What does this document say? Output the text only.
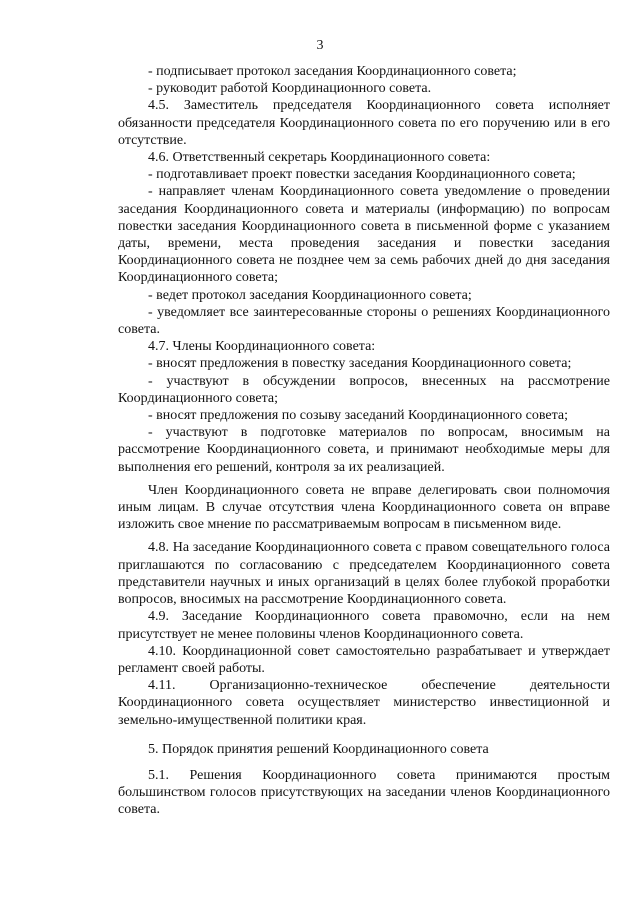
3

- подписывает протокол заседания Координационного совета;

- руководит работой Координационного совета.

4.5. Заместитель председателя Координационного совета исполняет обязанности председателя Координационного совета по его поручению или в его отсутствие.

4.6. Ответственный секретарь Координационного совета:

- подготавливает проект повестки заседания Координационного совета;

- направляет членам Координационного совета уведомление о проведении заседания Координационного совета и материалы (информацию) по вопросам повестки заседания Координационного совета в письменной форме с указанием даты, времени, места проведения заседания и повестки заседания Координационного совета не позднее чем за семь рабочих дней до дня заседания Координационного совета;

- ведет протокол заседания Координационного совета;

- уведомляет все заинтересованные стороны о решениях Координационного совета.

4.7. Члены Координационного совета:

- вносят предложения в повестку заседания Координационного совета;

- участвуют в обсуждении вопросов, внесенных на рассмотрение Координационного совета;

- вносят предложения по созыву заседаний Координационного совета;

- участвуют в подготовке материалов по вопросам, вносимым на рассмотрение Координационного совета, и принимают необходимые меры для выполнения его решений, контроля за их реализацией.

Член Координационного совета не вправе делегировать свои полномочия иным лицам. В случае отсутствия члена Координационного совета он вправе изложить свое мнение по рассматриваемым вопросам в письменном виде.

4.8. На заседание Координационного совета с правом совещательного голоса приглашаются по согласованию с председателем Координационного совета представители научных и иных организаций в целях более глубокой проработки вопросов, вносимых на рассмотрение Координационного совета.

4.9. Заседание Координационного совета правомочно, если на нем присутствует не менее половины членов Координационного совета.

4.10. Координационной совет самостоятельно разрабатывает и утверждает регламент своей работы.

4.11. Организационно-техническое обеспечение деятельности Координационного совета осуществляет министерство инвестиционной и земельно-имущественной политики края.

5. Порядок принятия решений Координационного совета

5.1. Решения Координационного совета принимаются простым большинством голосов присутствующих на заседании членов Координационного совета.
